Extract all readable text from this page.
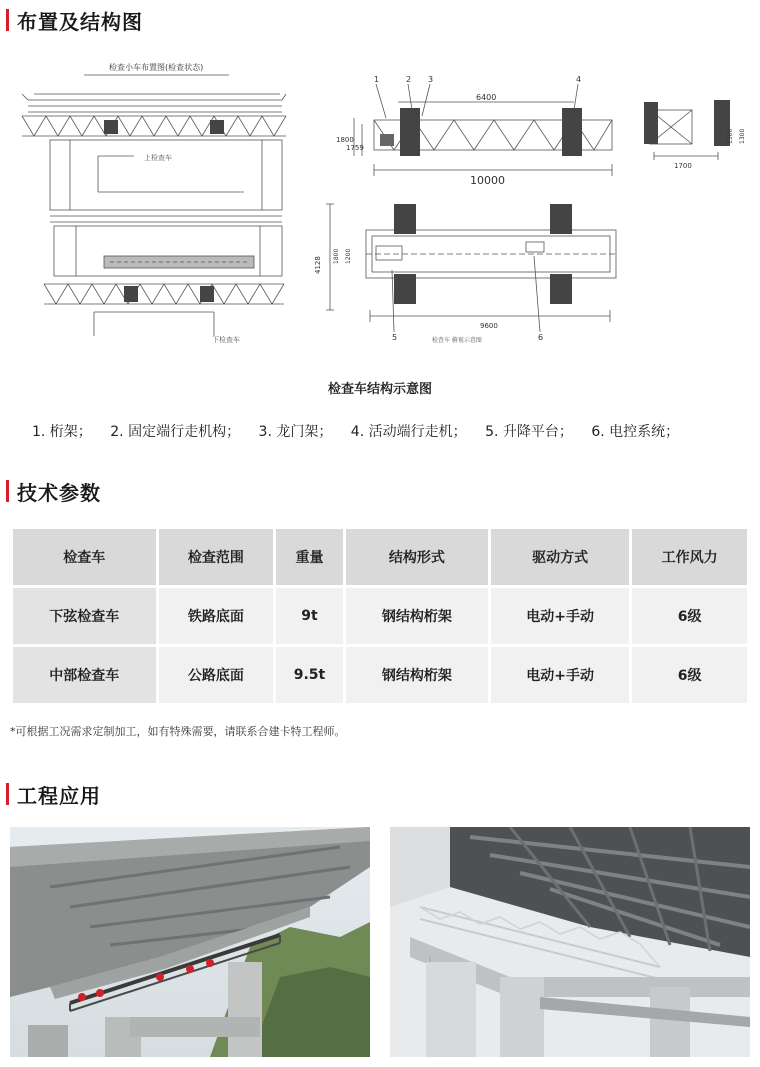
布置及结构图
检查小车布置图(检查状态)
上检查车
下检查车
1	2 3	4
6400
1800
1759
10000
1700
1500 1300
4128 1800 1200
9600
5	6
检查车 俯视示意图
检查车结构示意图
1. 桁架； 2. 固定端行走机构； 3. 龙门架； 4. 活动端行走机； 5. 升降平台； 6. 电控系统；
技术参数
检查车	检查范围	重量	结构形式	驱动方式	工作风力
下弦检查车	铁路底面	9t	钢结构桁架	电动+手动	6级
中部检查车	公路底面	9.5t	钢结构桁架	电动+手动	6级
*可根据工况需求定制加工，如有特殊需要，请联系合建卡特工程师。
工程应用
